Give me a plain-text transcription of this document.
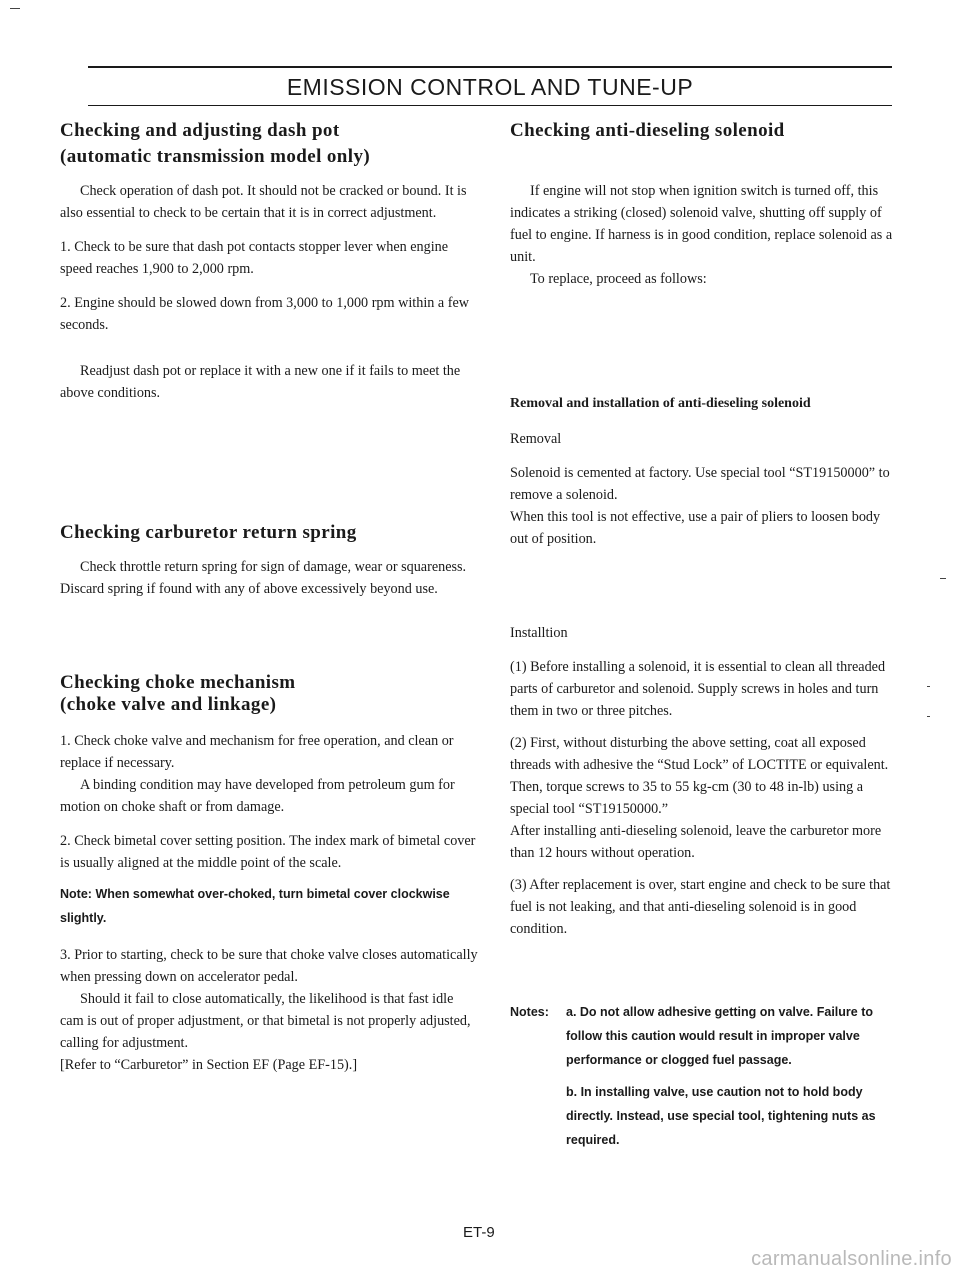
EMISSION CONTROL AND TUNE-UP
Checking and adjusting dash pot
(automatic transmission model only)

Check operation of dash pot. It should not be cracked or bound. It is also essential to check to be certain that it is in correct adjustment.

1. Check to be sure that dash pot contacts stopper lever when engine speed reaches 1,900 to 2,000 rpm.

2. Engine should be slowed down from 3,000 to 1,000 rpm within a few seconds.

Readjust dash pot or replace it with a new one if it fails to meet the above conditions.

Checking carburetor return spring

Check throttle return spring for sign of damage, wear or squareness. Discard spring if found with any of above excessively beyond use.

Checking choke mechanism
(choke valve and linkage)

1. Check choke valve and mechanism for free operation, and clean or replace if necessary.

A binding condition may have developed from petroleum gum for motion on choke shaft or from damage.

2. Check bimetal cover setting position. The index mark of bimetal cover is usually aligned at the middle point of the scale.

Note: When somewhat over-choked, turn bimetal cover clockwise slightly.

3. Prior to starting, check to be sure that choke valve closes automatically when pressing down on accelerator pedal.

Should it fail to close automatically, the likelihood is that fast idle cam is out of proper adjustment, or that bimetal is not properly adjusted, calling for adjustment.

[Refer to “Carburetor” in Section EF (Page EF-15).]

Checking anti-dieseling solenoid

If engine will not stop when ignition switch is turned off, this indicates a striking (closed) solenoid valve, shutting off supply of fuel to engine. If harness is in good condition, replace solenoid as a unit.

To replace, proceed as follows:

Removal and installation of anti-dieseling solenoid

Removal

Solenoid is cemented at factory. Use special tool “ST19150000” to remove a solenoid.

When this tool is not effective, use a pair of pliers to loosen body out of position.

Installtion

(1) Before installing a solenoid, it is essential to clean all threaded parts of carburetor and solenoid. Supply screws in holes and turn them in two or three pitches.

(2) First, without disturbing the above setting, coat all exposed threads with adhesive the “Stud Lock” of LOCTITE or equivalent.

Then, torque screws to 35 to 55 kg-cm (30 to 48 in-lb) using a special tool “ST19150000.”

After installing anti-dieseling solenoid, leave the carburetor more than 12 hours without operation.

(3) After replacement is over, start engine and check to be sure that fuel is not leaking, and that anti-dieseling solenoid is in good condition.

Notes:	a. Do not allow adhesive getting on valve. Failure to follow this caution would result in improper valve performance or clogged fuel passage.
b. In installing valve, use caution not to hold body directly. Instead, use special tool, tightening nuts as required.
ET-9
carmanualsonline.info
